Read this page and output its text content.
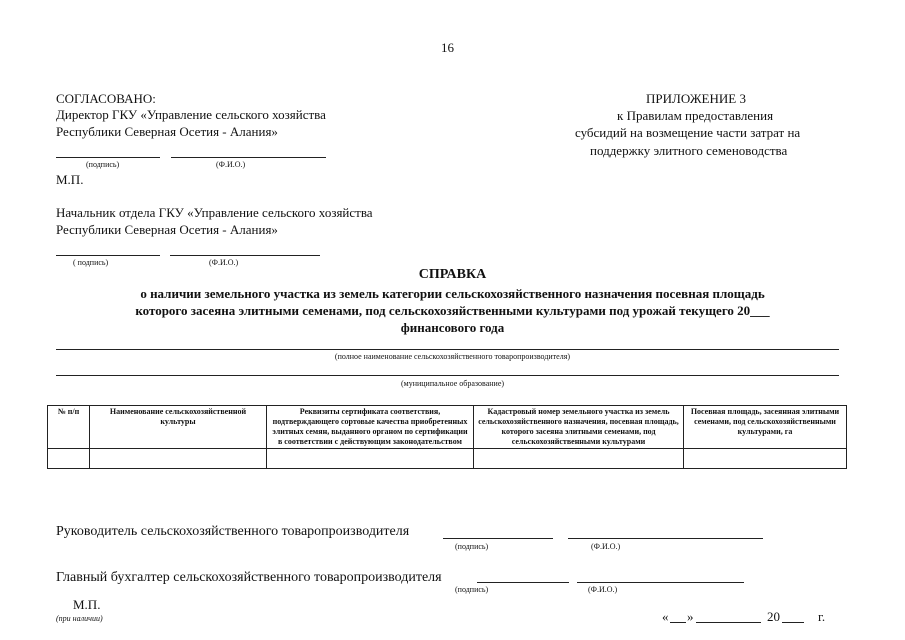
16
СОГЛАСОВАНО:
Директор ГКУ «Управление сельского хозяйства
Республики Северная Осетия - Алания»
(подпись)	(Ф.И.О.)
М.П.
ПРИЛОЖЕНИЕ 3
к Правилам предоставления
субсидий на возмещение части затрат на
поддержку элитного семеноводства
Начальник отдела ГКУ «Управление сельского хозяйства
Республики Северная Осетия - Алания»
( подпись)	(Ф.И.О.)
СПРАВКА
о наличии земельного участка из земель категории сельскохозяйственного назначения посевная площадь
которого засеяна элитными семенами, под сельскохозяйственными культурами под урожай текущего 20___
финансового года
(полное наименование сельскохозяйственного товаропроизводителя)
(муниципальное образование)
№ п/п	Наименование сельскохозяйственной культуры	Реквизиты сертификата соответствия, подтверждающего сортовые качества приобретенных элитных семян, выданного органом по сертификации в соответствии с действующим законодательством	Кадастровый номер земельного участка из земель сельскохозяйственного назначения, посевная площадь, которого засеяна элитными семенами, под сельскохозяйственными культурами	Посевная площадь, засеянная элитными семенами, под сельскохозяйственными культурами, га

Руководитель сельскохозяйственного товаропроизводителя
(подпись)	(Ф.И.О.)
Главный бухгалтер сельскохозяйственного товаропроизводителя
(подпись)	(Ф.И.О.)
М.П.
(при наличии)	« »	20	г.
